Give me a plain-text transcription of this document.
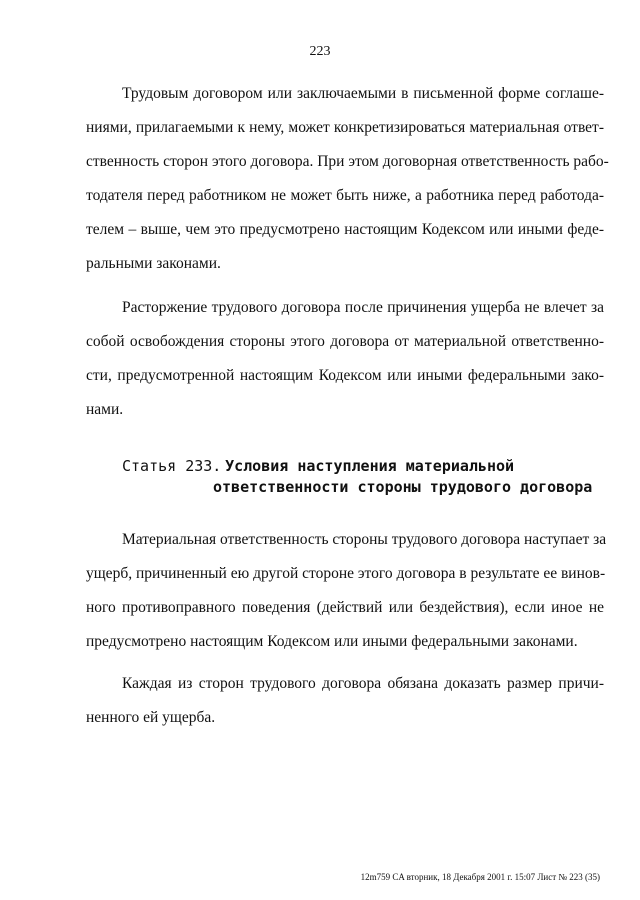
223
Трудовым договором или заключаемыми в письменной форме соглаше-
ниями, прилагаемыми к нему, может конкретизироваться материальная ответ-
ственность сторон этого договора. При этом договорная ответственность рабо-
тодателя перед работником не может быть ниже, а работника перед работода-
телем – выше, чем это предусмотрено настоящим Кодексом или иными феде-
ральными законами.
Расторжение трудового договора после причинения ущерба не влечет за
собой освобождения стороны этого договора от материальной ответственно-
сти, предусмотренной настоящим Кодексом или иными федеральными зако-
нами.
Статья 233. Условия наступления материальной
ответственности стороны трудового договора
Материальная ответственность стороны трудового договора наступает за
ущерб, причиненный ею другой стороне этого договора в результате ее винов-
ного противоправного поведения (действий или бездействия), если иное не
предусмотрено настоящим Кодексом или иными федеральными законами.
Каждая из сторон трудового договора обязана доказать размер причи-
ненного ей ущерба.
12m759 CA вторник, 18 Декабря 2001 г. 15:07 Лист № 223 (35)
